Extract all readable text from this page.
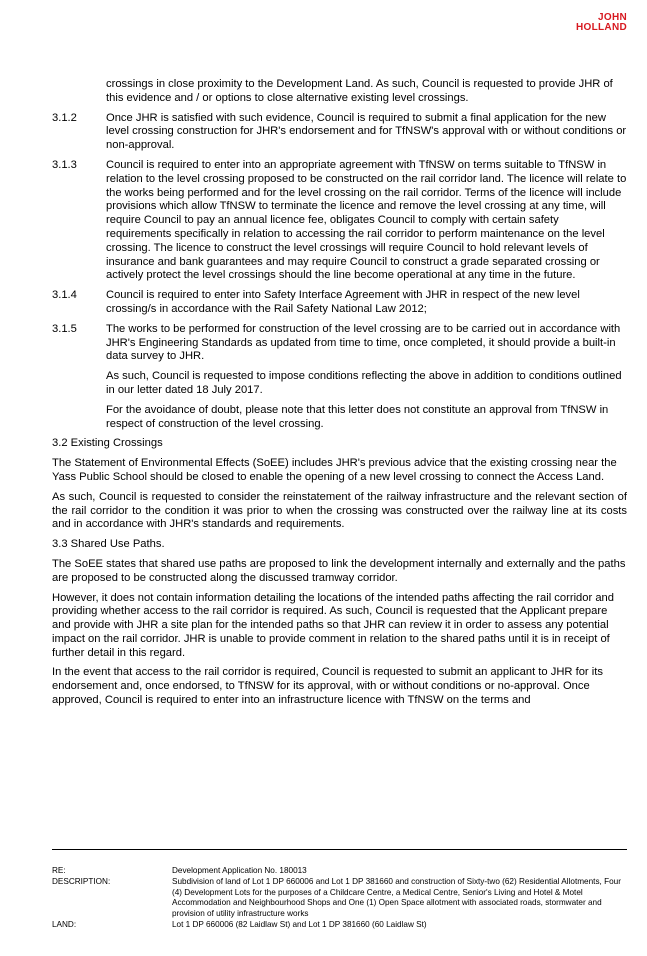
JOHN
HOLLAND

crossings in close proximity to the Development Land. As such, Council is requested to provide JHR of this evidence and / or options to close alternative existing level crossings.

3.1.2	Once JHR is satisfied with such evidence, Council is required to submit a final application for the new level crossing construction for JHR's endorsement and for TfNSW's approval with or without conditions or non-approval.
3.1.3	Council is required to enter into an appropriate agreement with TfNSW on terms suitable to TfNSW in relation to the level crossing proposed to be constructed on the rail corridor land. The licence will relate to the works being performed and for the level crossing on the rail corridor. Terms of the licence will include provisions which allow TfNSW to terminate the licence and remove the level crossing at any time, will require Council to pay an annual licence fee, obligates Council to comply with certain safety requirements specifically in relation to accessing the rail corridor to perform maintenance on the level crossing. The licence to construct the level crossings will require Council to hold relevant levels of insurance and bank guarantees and may require Council to construct a grade separated crossing or actively protect the level crossings should the line become operational at any time in the future.
3.1.4	Council is required to enter into Safety Interface Agreement with JHR in respect of the new level crossing/s in accordance with the Rail Safety National Law 2012;
3.1.5	The works to be performed for construction of the level crossing are to be carried out in accordance with JHR's Engineering Standards as updated from time to time, once completed, it should provide a built-in data survey to JHR.

As such, Council is requested to impose conditions reflecting the above in addition to conditions outlined in our letter dated 18 July 2017.

For the avoidance of doubt, please note that this letter does not constitute an approval from TfNSW in respect of construction of the level crossing.

3.2 Existing Crossings

The Statement of Environmental Effects (SoEE) includes JHR's previous advice that the existing crossing near the Yass Public School should be closed to enable the opening of a new level crossing to connect the Access Land.

As such, Council is requested to consider the reinstatement of the railway infrastructure and the relevant section of the rail corridor to the condition it was prior to when the crossing was constructed over the railway line at its costs and in accordance with JHR's standards and requirements.

3.3 Shared Use Paths.

The SoEE states that shared use paths are proposed to link the development internally and externally and the paths are proposed to be constructed along the discussed tramway corridor.

However, it does not contain information detailing the locations of the intended paths affecting the rail corridor and providing whether access to the rail corridor is required. As such, Council is requested that the Applicant prepare and provide with JHR a site plan for the intended paths so that JHR can review it in order to assess any potential impact on the rail corridor. JHR is unable to provide comment in relation to the shared paths until it is in receipt of further detail in this regard.

In the event that access to the rail corridor is required, Council is requested to submit an applicant to JHR for its endorsement and, once endorsed, to TfNSW for its approval, with or without conditions or no-approval. Once approved, Council is required to enter into an infrastructure licence with TfNSW on the terms and

RE:	Development Application No. 180013
DESCRIPTION:	Subdivision of land of Lot 1 DP 660006 and Lot 1 DP 381660 and construction of Sixty-two (62) Residential Allotments, Four (4) Development Lots for the purposes of a Childcare Centre, a Medical Centre, Senior's Living and Hotel & Motel Accommodation and Neighbourhood Shops and One (1) Open Space allotment with associated roads, stormwater and provision of utility infrastructure works
LAND:	Lot 1 DP 660006 (82 Laidlaw St) and Lot 1 DP 381660 (60 Laidlaw St)
